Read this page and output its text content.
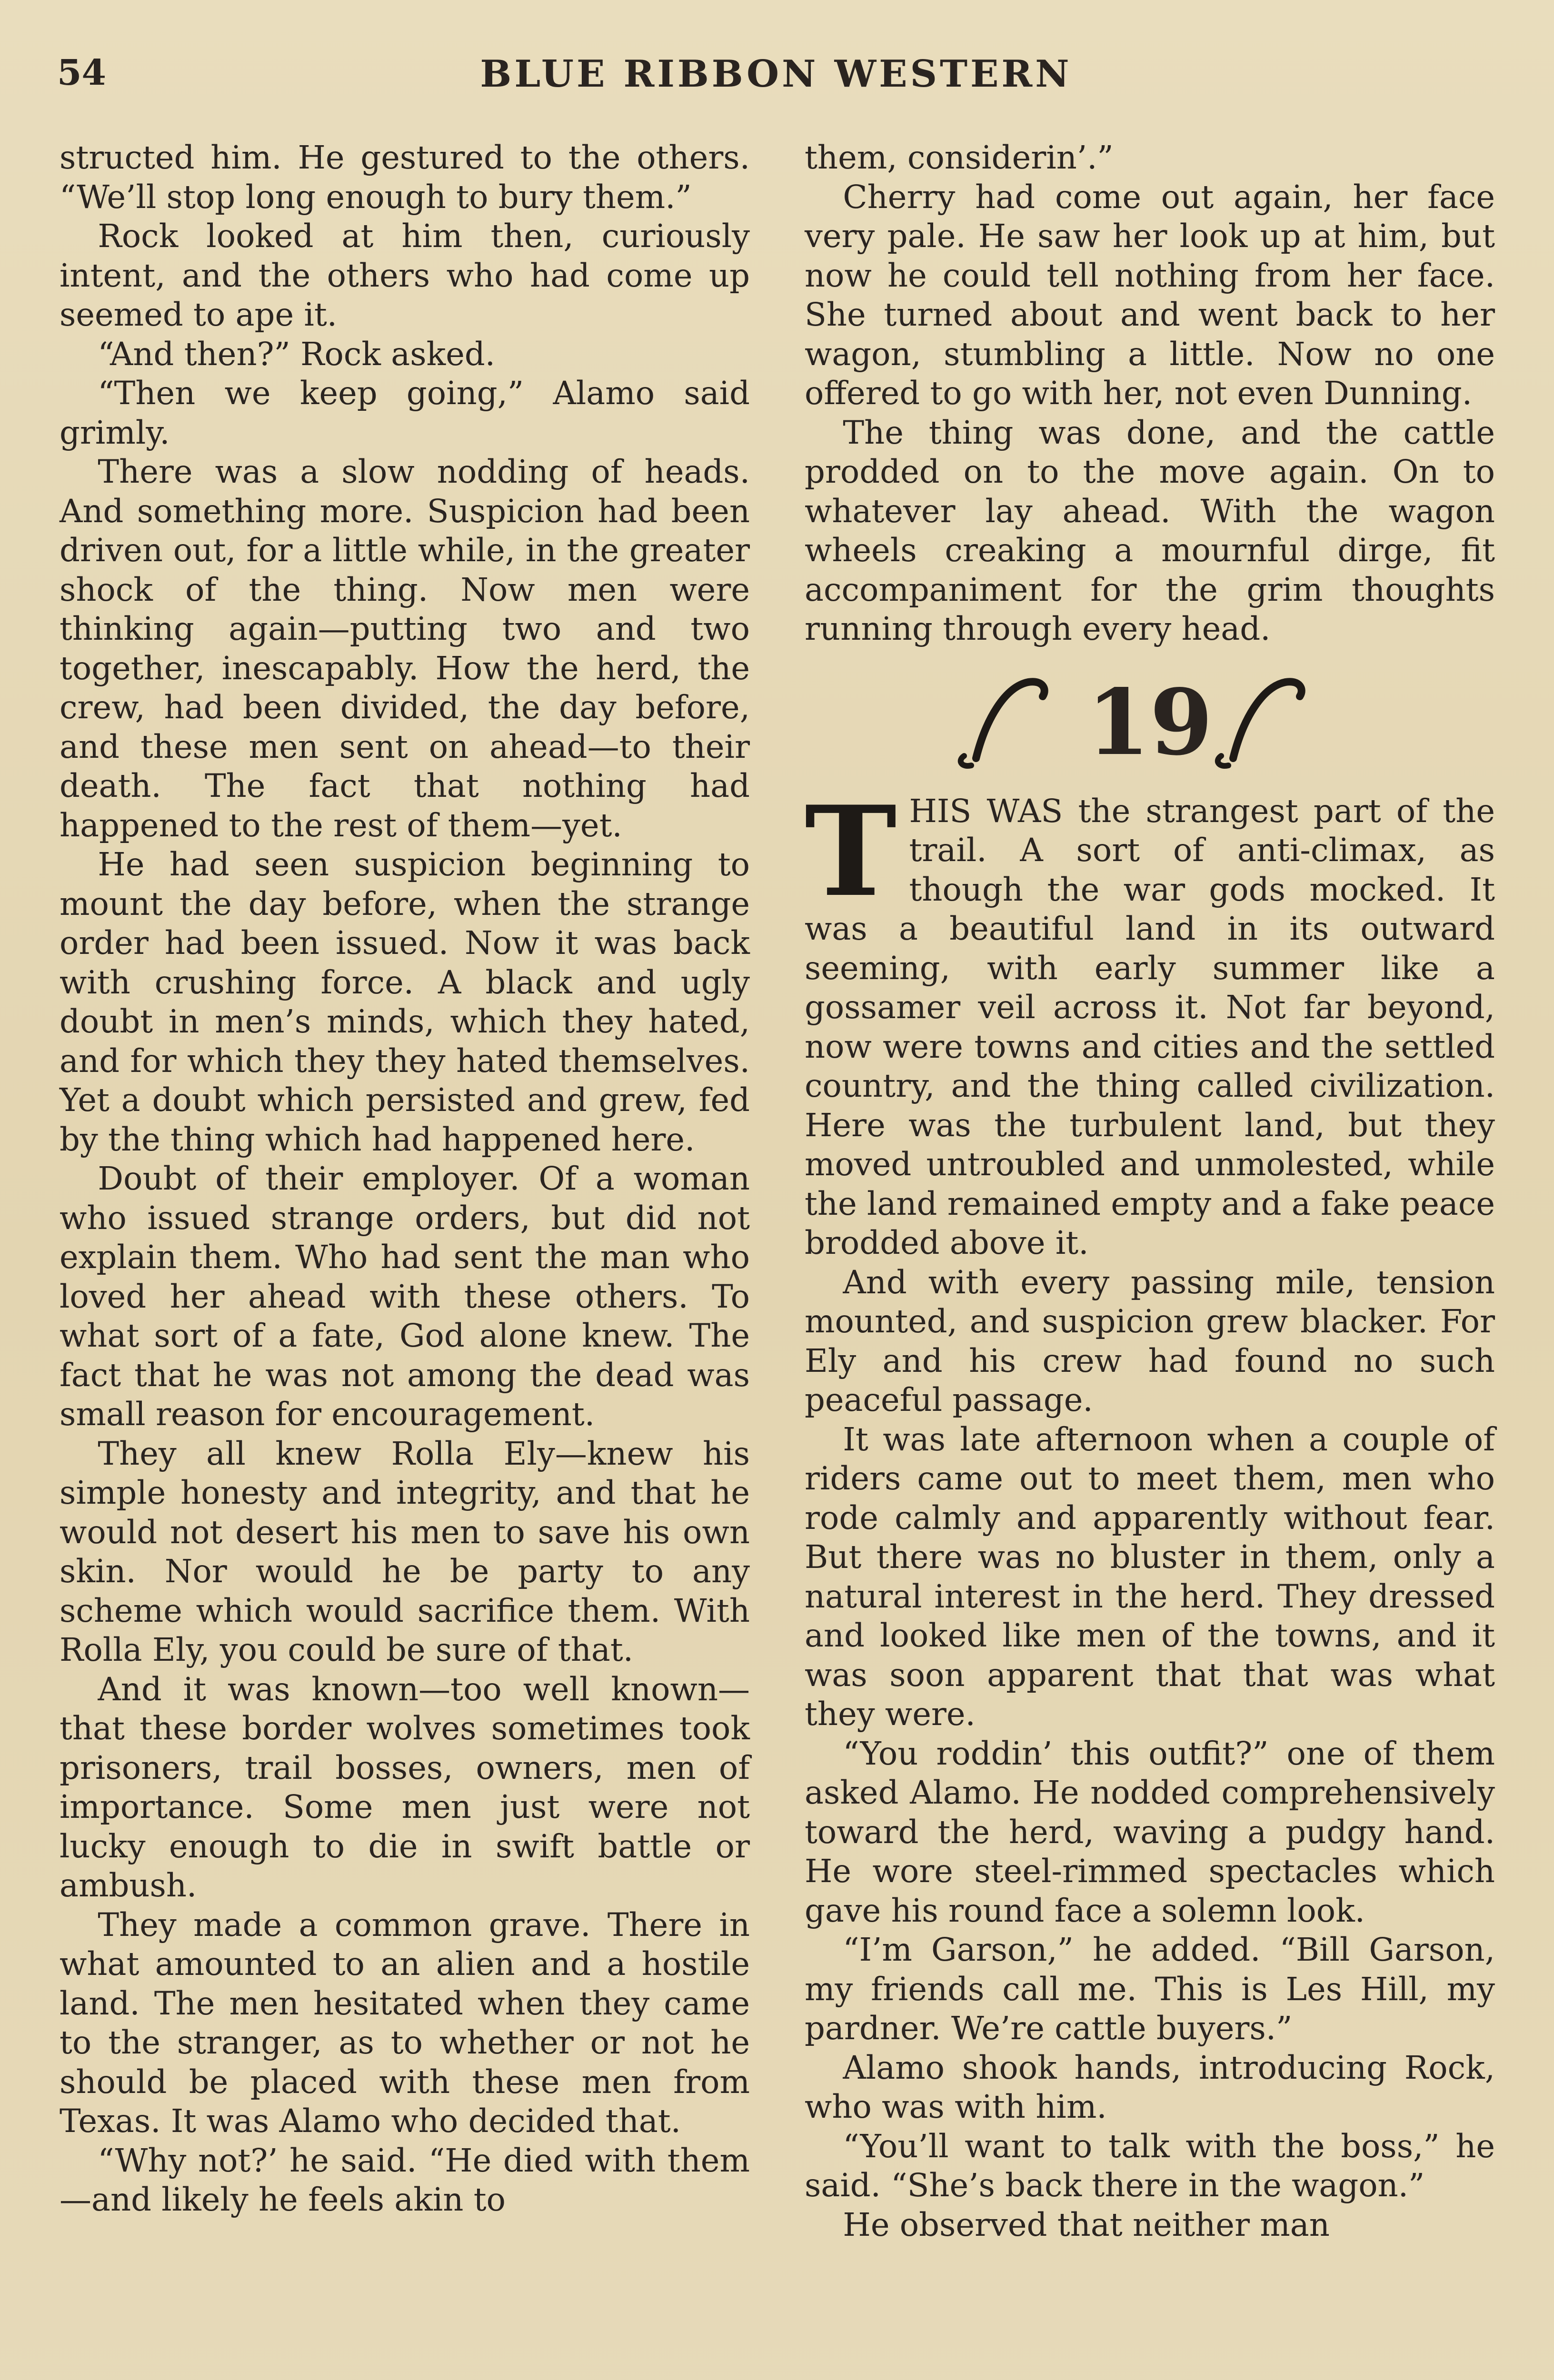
54	BLUE RIBBON WESTERN

structed him. He gestured to the others. “We’ll stop long enough to bury them.”

Rock looked at him then, curiously intent, and the others who had come up seemed to ape it.

“And then?” Rock asked.

“Then we keep going,” Alamo said grimly.

There was a slow nodding of heads. And something more. Suspicion had been driven out, for a little while, in the greater shock of the thing. Now men were thinking again—putting two and two together, inescapably. How the herd, the crew, had been divided, the day before, and these men sent on ahead—to their death. The fact that nothing had happened to the rest of them—yet.

He had seen suspicion beginning to mount the day before, when the strange order had been issued. Now it was back with crushing force. A black and ugly doubt in men’s minds, which they hated, and for which they they hated themselves. Yet a doubt which persisted and grew, fed by the thing which had happened here.

Doubt of their employer. Of a woman who issued strange orders, but did not explain them. Who had sent the man who loved her ahead with these others. To what sort of a fate, God alone knew. The fact that he was not among the dead was small reason for encouragement.

They all knew Rolla Ely—knew his simple honesty and integrity, and that he would not desert his men to save his own skin. Nor would he be party to any scheme which would sacrifice them. With Rolla Ely, you could be sure of that.

And it was known—too well known—that these border wolves sometimes took prisoners, trail bosses, owners, men of importance. Some men just were not lucky enough to die in swift battle or ambush.

They made a common grave. There in what amounted to an alien and a hostile land. The men hesitated when they came to the stranger, as to whether or not he should be placed with these men from Texas. It was Alamo who decided that.

“Why not?’ he said. “He died with them—and likely he feels akin to

them, considerin’.”

Cherry had come out again, her face very pale. He saw her look up at him, but now he could tell nothing from her face. She turned about and went back to her wagon, stumbling a little. Now no one offered to go with her, not even Dunning.

The thing was done, and the cattle prodded on to the move again. On to whatever lay ahead. With the wagon wheels creaking a mournful dirge, fit accompaniment for the grim thoughts running through every head.

19
T HIS WAS the strangest part of the trail. A sort of anti-climax, as though the war gods mocked. It was a beautiful land in its outward seeming, with early summer like a gossamer veil across it. Not far beyond, now were towns and cities and the settled country, and the thing called civilization. Here was the turbulent land, but they moved untroubled and unmolested, while the land remained empty and a fake peace brodded above it.

And with every passing mile, tension mounted, and suspicion grew blacker. For Ely and his crew had found no such peaceful passage.

It was late afternoon when a couple of riders came out to meet them, men who rode calmly and apparently without fear. But there was no bluster in them, only a natural interest in the herd. They dressed and looked like men of the towns, and it was soon apparent that that was what they were.

“You roddin’ this outfit?” one of them asked Alamo. He nodded comprehensively toward the herd, waving a pudgy hand. He wore steel-rimmed spectacles which gave his round face a solemn look.

“I’m Garson,” he added. “Bill Garson, my friends call me. This is Les Hill, my pardner. We’re cattle buyers.”

Alamo shook hands, introducing Rock, who was with him.

“You’ll want to talk with the boss,” he said. “She’s back there in the wagon.”

He observed that neither man
